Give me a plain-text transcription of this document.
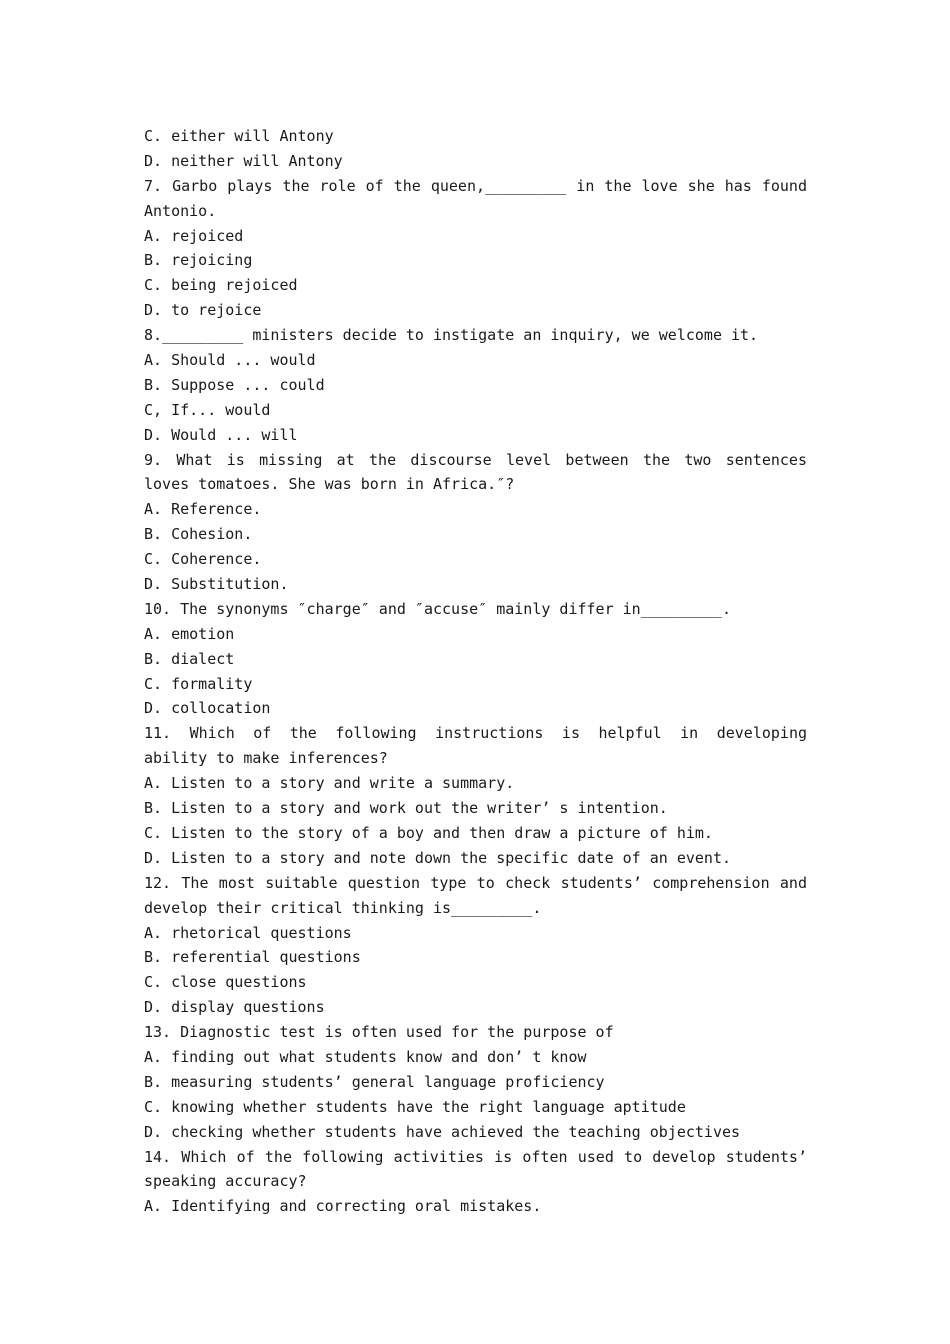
C. either will Antony
D. neither will Antony
7. Garbo plays the role of the queen,_________ in the love she has found
Antonio.
A. rejoiced
B. rejoicing
C. being rejoiced
D. to rejoice
8._________ ministers decide to instigate an inquiry, we welcome it.
A. Should ... would
B. Suppose ... could
C, If... would
D. Would ... will
9. What is missing at the discourse level between the two sentences
loves tomatoes. She was born in Africa.″?
A. Reference.
B. Cohesion.
C. Coherence.
D. Substitution.
10. The synonyms ″charge″ and ″accuse″ mainly differ in_________.
A. emotion
B. dialect
C. formality
D. collocation
11. Which of the following instructions is helpful in developing
ability to make inferences?
A. Listen to a story and write a summary.
B. Listen to a story and work out the writer’ s intention.
C. Listen to the story of a boy and then draw a picture of him.
D. Listen to a story and note down the specific date of an event.
12. The most suitable question type to check students’ comprehension and
develop their critical thinking is_________.
A. rhetorical questions
B. referential questions
C. close questions
D. display questions
13. Diagnostic test is often used for the purpose of
A. finding out what students know and don’ t know
B. measuring students’ general language proficiency
C. knowing whether students have the right language aptitude
D. checking whether students have achieved the teaching objectives
14. Which of the following activities is often used to develop students’
speaking accuracy?
A. Identifying and correcting oral mistakes.
